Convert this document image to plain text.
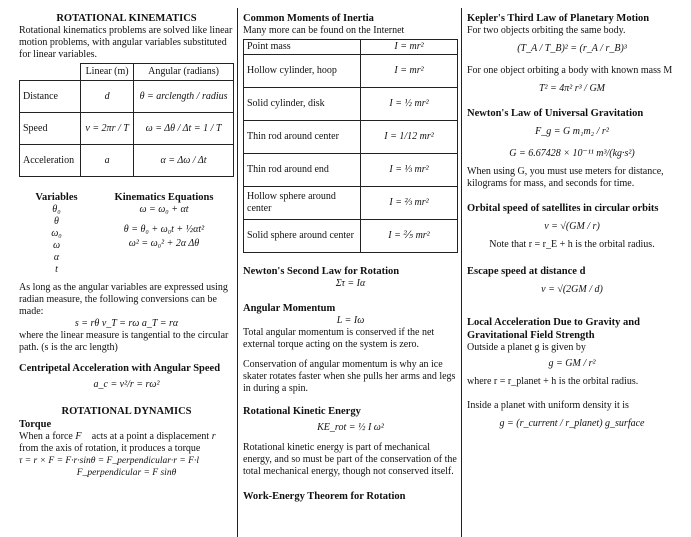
ROTATIONAL KINEMATICS

Rotational kinematics problems are solved like linear motion problems, with angular variables substituted for linear variables.

	Linear (m)	Angular (radians)
Distance	d	θ = arclength / radius
Speed	v = 2πr / T	ω = Δθ / Δt = 1 / T
Acceleration	a	α = Δω / Δt
Variables
θ₀
θ
ω₀
ω
α
t
Kinematics Equations
ω = ω₀ + αt
θ = θ₀ + ω₀t + ½αt²
ω² = ω₀² + 2α Δθ

As long as the angular variables are expressed using radian measure, the following conversions can be made:

s = rθ v_T = rω a_T = rα

where the linear measure is tangential to the circular path. (s is the arc length)

Centripetal Acceleration with Angular Speed

a_c = v²/r = rω²

ROTATIONAL DYNAMICS
Torque

When a force F⃗ acts at a point a displacement r⃗ from the axis of rotation, it produces a torque

τ = r × F = F·r·sinθ = F_perpendicular·r = F·l

F_perpendicular = F sinθ

Common Moments of Inertia

Many more can be found on the Internet

Point mass	I = mr²
Hollow cylinder, hoop	I = mr²
Solid cylinder, disk	I = ½ mr²
Thin rod around center	I = 1/12 mr²
Thin rod around end	I = ⅓ mr²
Hollow sphere around center	I = ⅔ mr²
Solid sphere around center	I = ⅖ mr²
Newton's Second Law for Rotation

Στ = Iα

Angular Momentum

L = Iω

Total angular momentum is conserved if the net external torque acting on the system is zero.

Conservation of angular momentum is why an ice skater rotates faster when she pulls her arms and legs in during a spin.

Rotational Kinetic Energy

KE_rot = ½ I ω²

Rotational kinetic energy is part of mechanical energy, and so must be part of the conservation of the total mechanical energy, though not conserved itself.

Work-Energy Theorem for Rotation
Kepler's Third Law of Planetary Motion

For two objects orbiting the same body.

(T_A / T_B)² = (r_A / r_B)³

For one object orbiting a body with known mass M

T² = 4π² r³ / GM

Newton's Law of Universal Gravitation

F_g = G m₁m₂ / r²

G = 6.67428 × 10⁻¹¹ m³/(kg·s²)

When using G, you must use meters for distance, kilograms for mass, and seconds for time.

Orbital speed of satellites in circular orbits

v = √(GM / r)

Note that r = r_E + h is the orbital radius.

Escape speed at distance d

v = √(2GM / d)

Local Acceleration Due to Gravity and Gravitational Field Strength

Outside a planet g is given by

g = GM / r²

where r = r_planet + h is the orbital radius.

Inside a planet with uniform density it is

g = (r_current / r_planet) g_surface
